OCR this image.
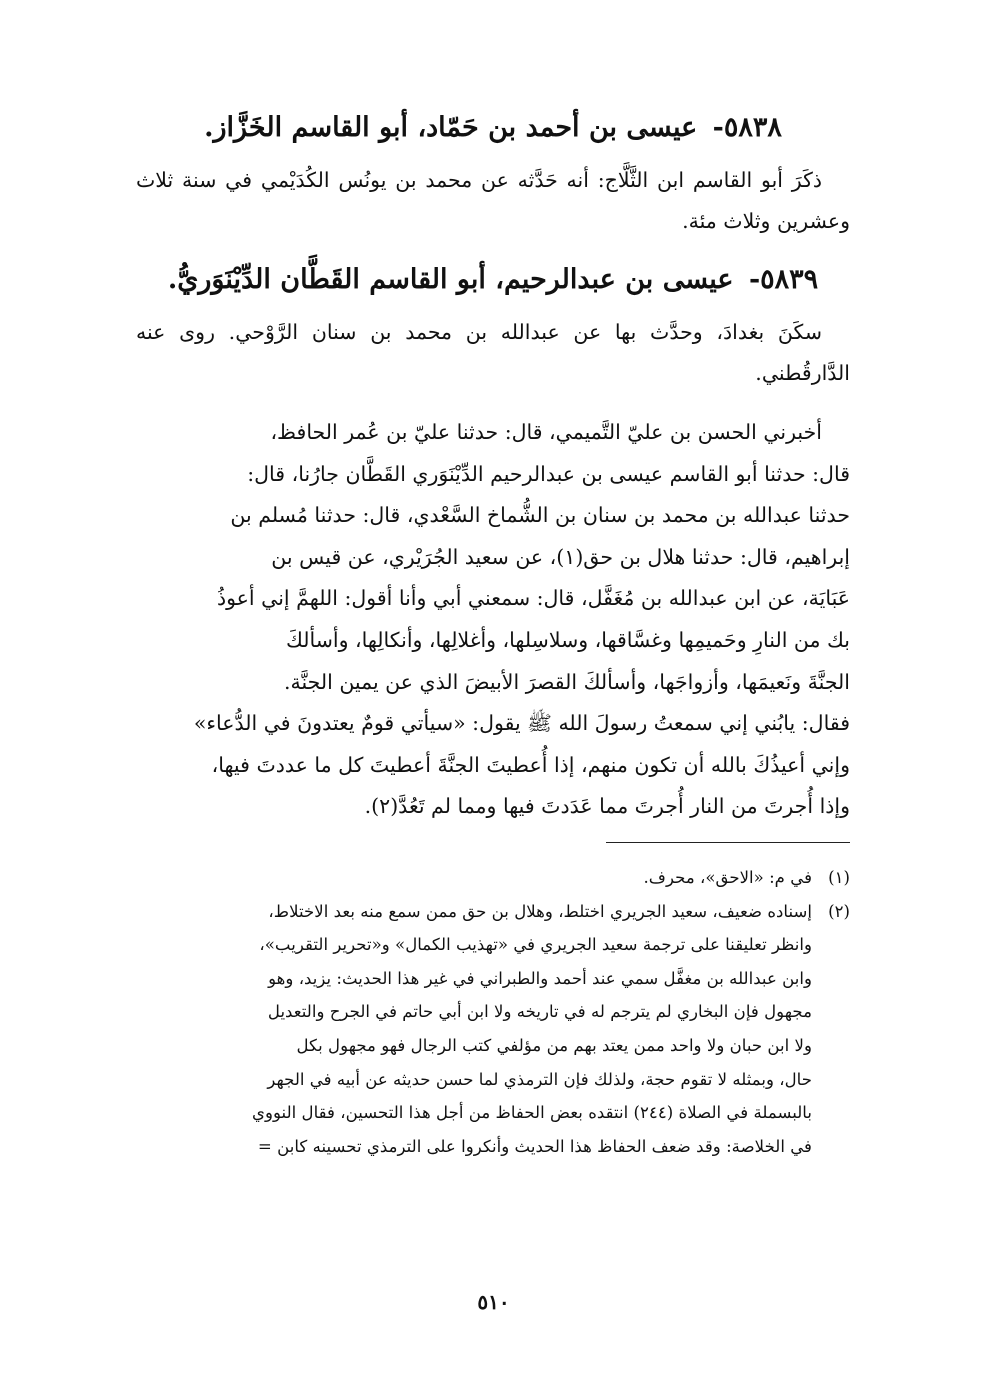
٥٨٣٨- عيسى بن أحمد بن حَمّاد، أبو القاسم الخَزَّاز.

ذكَرَ أبو القاسم ابن الثَّلَّاج: أنه حَدَّثه عن محمد بن يونُس الكُدَيْمي في سنة ثلاث وعشرين وثلاث مئة.

٥٨٣٩- عيسى بن عبدالرحيم، أبو القاسم القَطَّان الدِّيْنَوَريُّ.

سكَنَ بغدادَ، وحدَّث بها عن عبدالله بن محمد بن سنان الرَّوْحي. روى عنه الدَّارقُطني.

أخبرني الحسن بن عليّ التَّميمي، قال: حدثنا عليّ بن عُمر الحافظ،
قال: حدثنا أبو القاسم عيسى بن عبدالرحيم الدِّيْنَوَري القَطَّان جارُنا، قال:
حدثنا عبدالله بن محمد بن سنان بن الشُّماخ السَّعْدي، قال: حدثنا مُسلم بن
إبراهيم، قال: حدثنا هلال بن حق(١)، عن سعيد الجُرَيْري، عن قيس بن
عَبَايَة، عن ابن عبدالله بن مُغَفَّل، قال: سمعني أبي وأنا أقول: اللهمَّ إني أعوذُ
بك من النارِ وحَميمِها وغسَّاقها، وسلاسِلها، وأغلالِها، وأنكالِها، وأسألكَ
الجنَّةَ ونَعيمَها، وأزواجَها، وأسألكَ القصرَ الأبيضَ الذي عن يمين الجنَّة.
فقال: يابُني إني سمعتُ رسولَ الله ﷺ يقول: «سيأتي قومٌ يعتدونَ في الدُّعاء»
وإني أعيذُكَ بالله أن تكون منهم، إذا أُعطيتَ الجنَّةَ أعطيتَ كل ما عددتَ فيها،
وإذا أُجرتَ من النار أُجرتَ مما عَدَدتَ فيها ومما لم تَعُدَّ(٢).
(١)في م: «الاحق»، محرف.
(٢)إسناده ضعيف، سعيد الجريري اختلط، وهلال بن حق ممن سمع منه بعد الاختلاط،
وانظر تعليقنا على ترجمة سعيد الجريري في «تهذيب الكمال» و«تحرير التقريب»،
وابن عبدالله بن مغفَّل سمي عند أحمد والطبراني في غير هذا الحديث: يزيد، وهو
مجهول فإن البخاري لم يترجم له في تاريخه ولا ابن أبي حاتم في الجرح والتعديل
ولا ابن حبان ولا واحد ممن يعتد بهم من مؤلفي كتب الرجال فهو مجهول بكل
حال، وبمثله لا تقوم حجة، ولذلك فإن الترمذي لما حسن حديثه عن أبيه في الجهر
بالبسملة في الصلاة (٢٤٤) انتقده بعض الحفاظ من أجل هذا التحسين، فقال النووي
في الخلاصة: وقد ضعف الحفاظ هذا الحديث وأنكروا على الترمذي تحسينه كابن =
٥١٠
